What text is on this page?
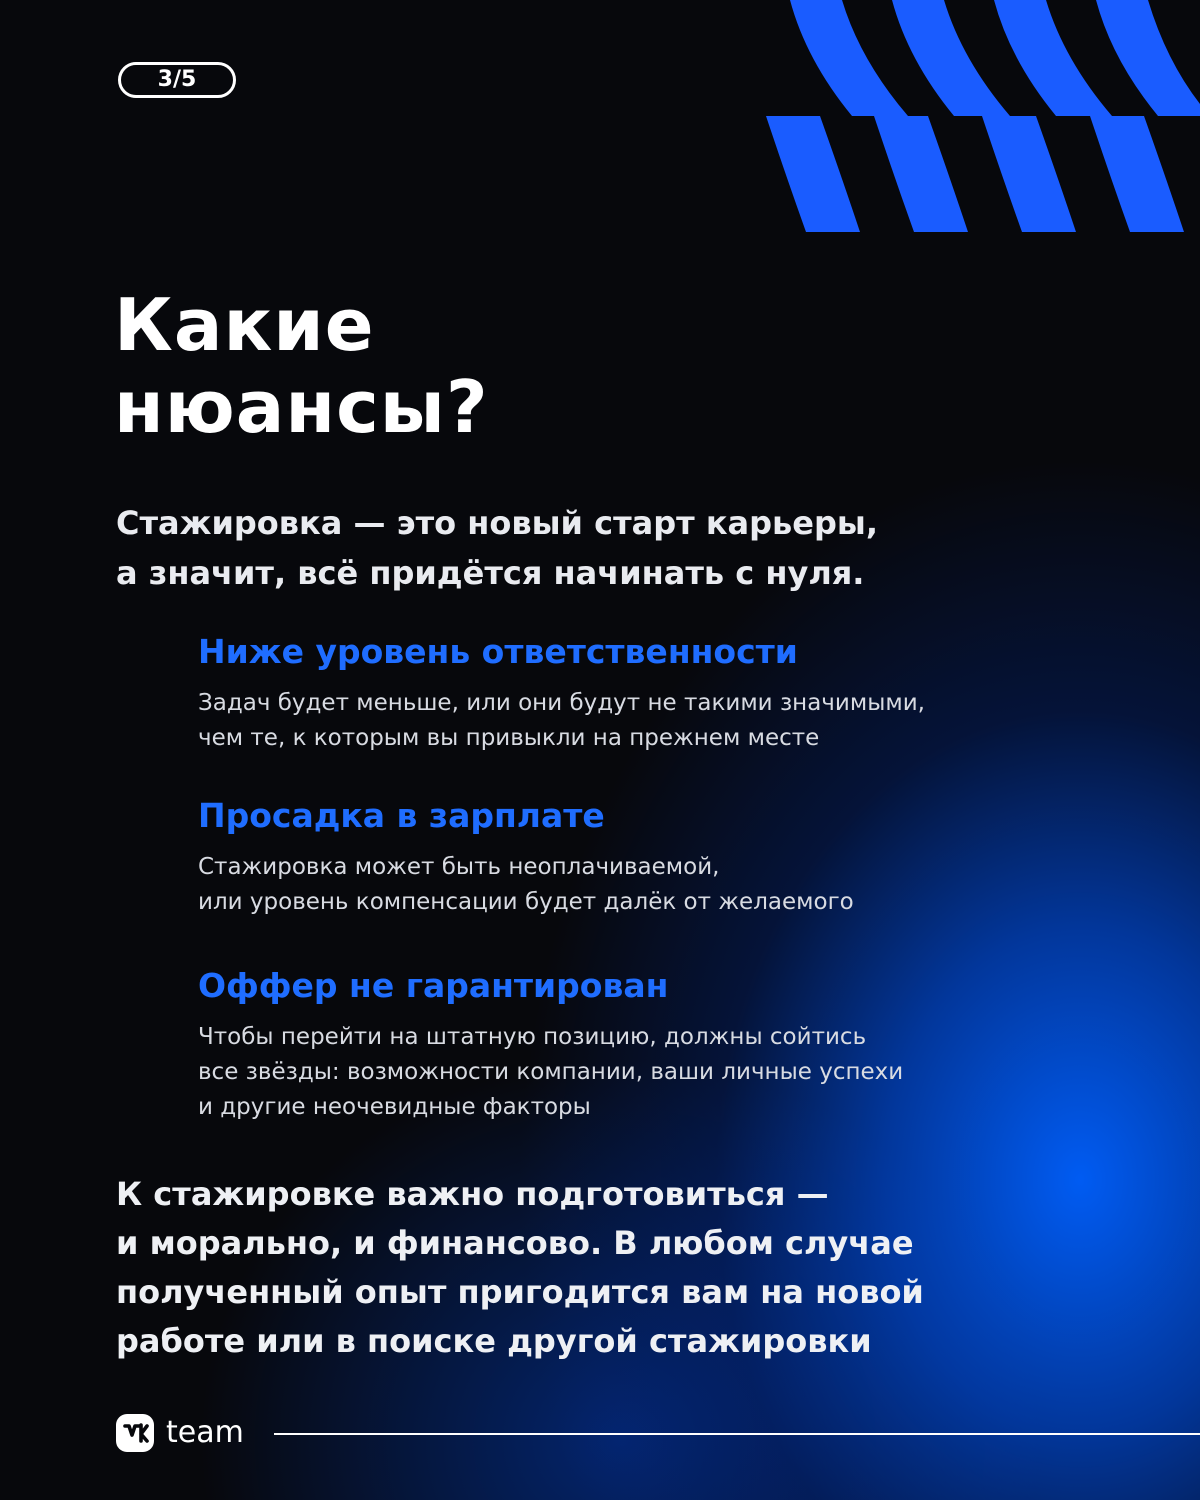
3/5
Какие
нюансы?

Стажировка — это новый старт карьеры,
а значит, всё придётся начинать с нуля.

Ниже уровень ответственности

Задач будет меньше, или они будут не такими значимыми,
чем те, к которым вы привыкли на прежнем месте

Просадка в зарплате

Стажировка может быть неоплачиваемой,
или уровень компенсации будет далёк от желаемого

Оффер не гарантирован

Чтобы перейти на штатную позицию, должны сойтись
все звёзды: возможности компании, ваши личные успехи
и другие неочевидные факторы

К стажировке важно подготовиться —
и морально, и финансово. В любом случае
полученный опыт пригодится вам на новой
работе или в поиске другой стажировки

team
